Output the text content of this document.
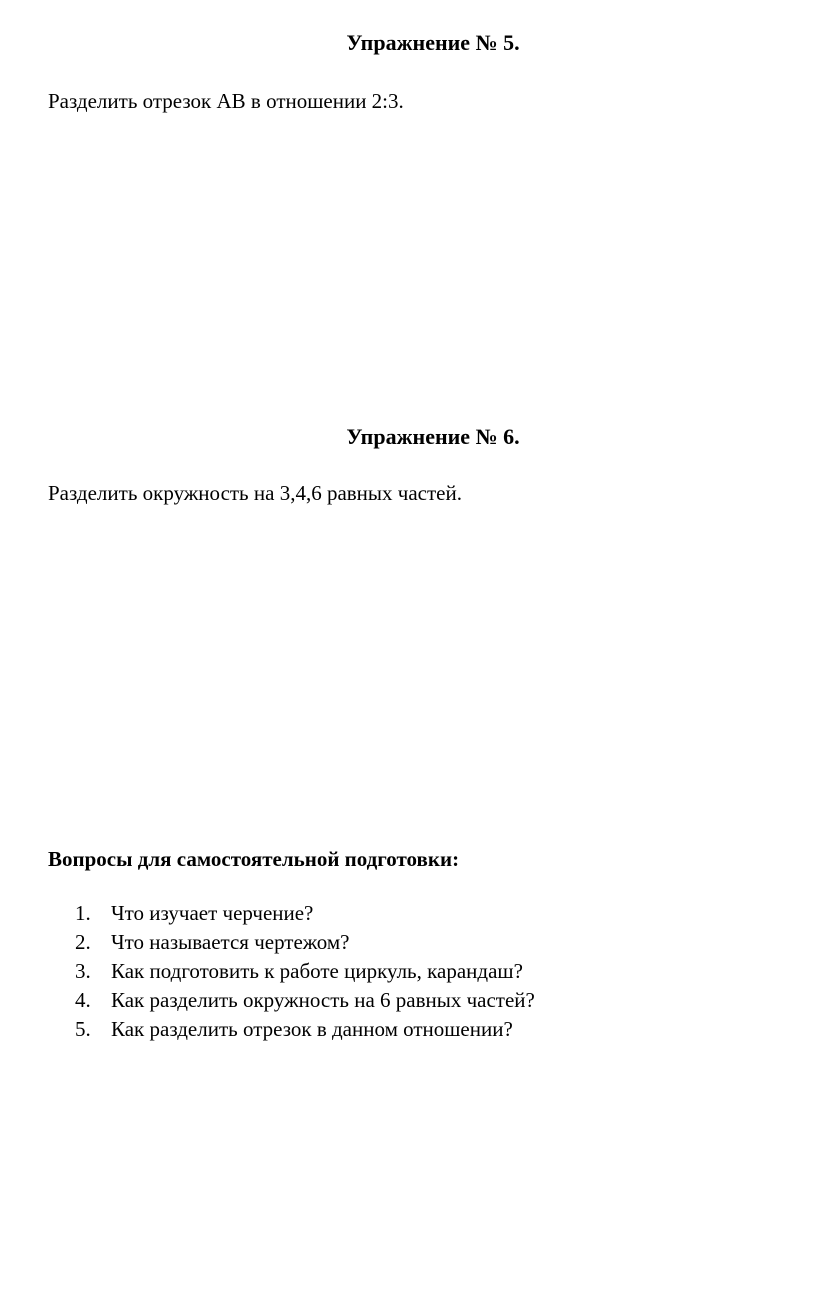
Упражнение № 5.
Разделить отрезок АВ в отношении 2:3.
Упражнение № 6.
Разделить окружность на 3,4,6 равных частей.
Вопросы для самостоятельной подготовки:
1. Что изучает черчение?
2. Что называется чертежом?
3. Как подготовить к работе циркуль, карандаш?
4. Как разделить окружность на 6 равных частей?
5. Как разделить отрезок в данном отношении?
